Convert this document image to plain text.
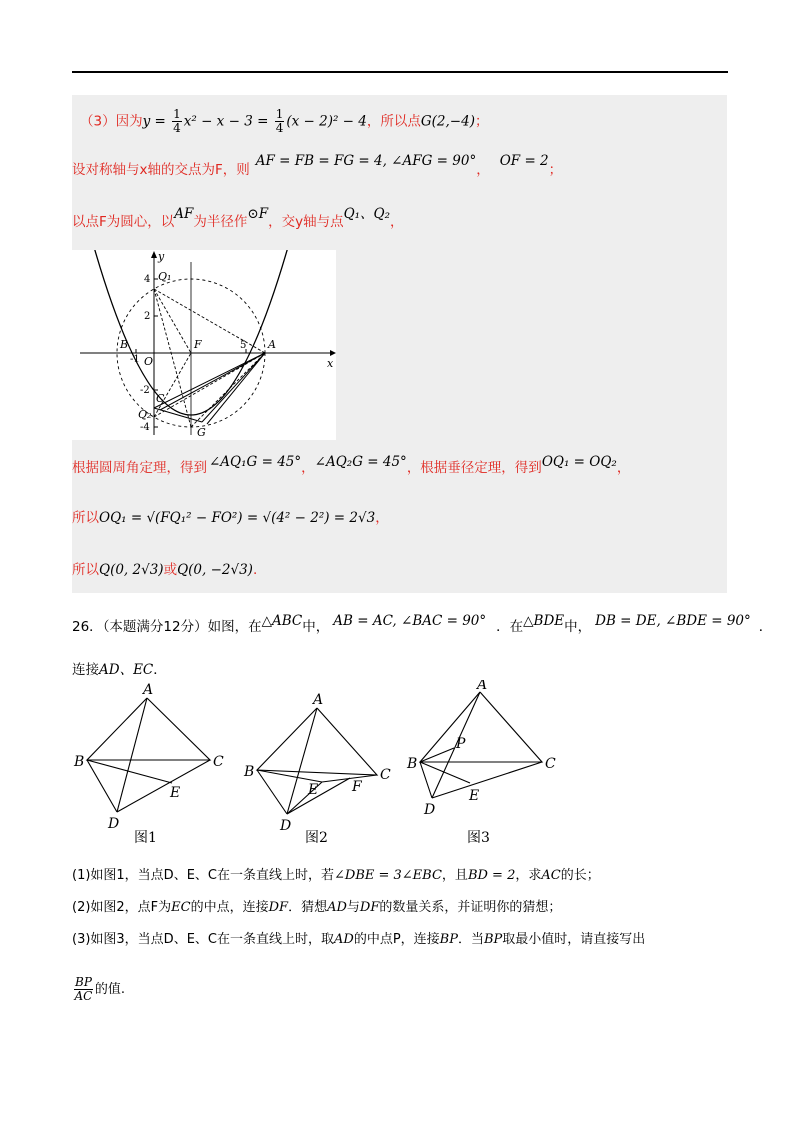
（3）因为$y = \frac{1}{4} x^2 - x - 3 = \frac{1}{4} (x - 2)^2 - 4$，所以点G(2,−4)；
设对称轴与x轴的交点为F，则AF = FB = FG = 4, ∠AFG = 90°，OF = 2；
以点F为圆心，以AF为半径作⊙F，交y轴与点Q₁、Q₂，
y
x
O
B	A
F
C
G
Q₁
Q₂
4
2
-2
-4
5
-1
根据圆周角定理，得到 ∠AQ₁G = 45°，∠AQ₂G = 45°，根据垂径定理，得到OQ₁ = OQ₂，
所以OQ₁ = √(FQ₁² − FO²) = √(4² − 2²) = 2√3，
所以Q(0, 2√3)或Q(0, −2√3).
26．（本题满分12分）如图，在△ABC中， AB = AC, ∠BAC = 90° ．在△BDE中， DB = DE, ∠BDE = 90° ．
连接AD、EC．
A
B	C
D
E
图1
A
B	C
D
E F
图2
A
B	C
D
E
P
图3
(1)如图1，当点D、E、C在一条直线上时，若∠DBE = 3∠EBC，且BD = 2，求AC的长；
(2)如图2，点F为EC的中点，连接DF．猜想AD与DF的数量关系，并证明你的猜想；
(3)如图3，当点D、E、C在一条直线上时，取AD的中点P，连接BP．当BP取最小值时，请直接写出
$\frac{BP}{AC}$ 的值.
